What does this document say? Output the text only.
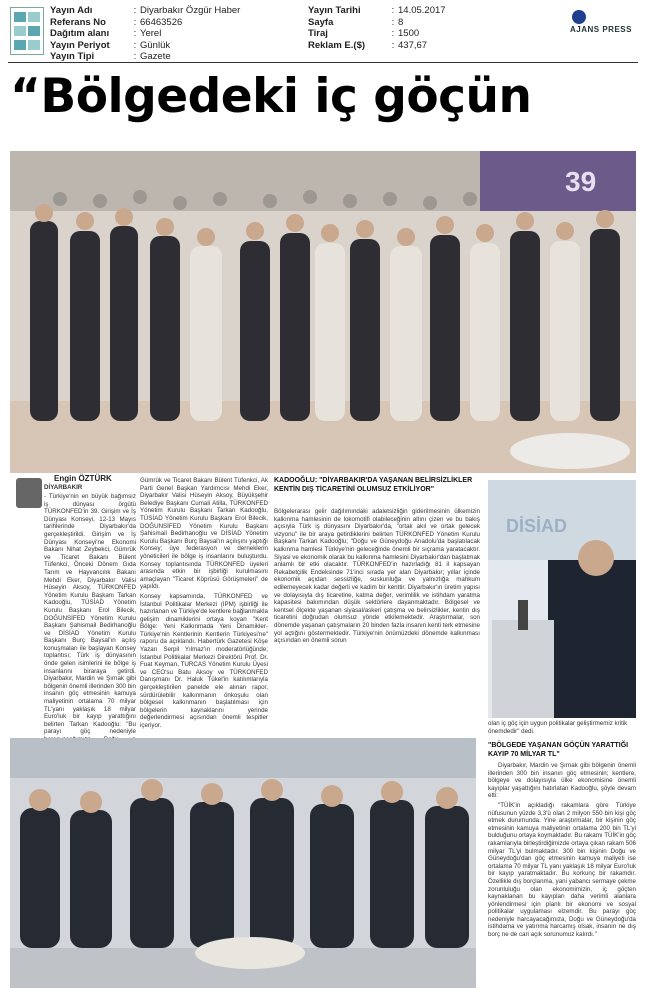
Yayın Adı	: Diyarbakır Özgür Haber
Referans No	: 66463526
Dağıtım alanı	: Yerel
Yayın Periyot	: Günlük
Yayın Tipi	: Gazete
Yayın Tarihi	: 14.05.2017
Sayfa	: 8
Tiraj	: 1500
Reklam E.($)	: 437,67
AJANS PRESS
“Bölgedeki iç göçün
39
Engin ÖZTÜRK
DİYARBAKIR

- Türkiye'nin en büyük bağımsız iş dünyası örgütü TÜRKONFED'in 39. Girişim ve İş Dünyası Konseyi, 12-13 Mayıs tarihlerinde Diyarbakır'da gerçekleştirildi. Girişim ve İş Dünyası Konseyi'ne Ekonomi Bakanı Nihat Zeybekci, Gümrük ve Ticaret Bakanı Bülent Tüfenkci, Önceki Dönem Gıda Tarım ve Hayvancılık Bakanı Mehdi Eker, Diyarbakır Valisi Hüseyin Aksoy, TÜRKONFED Yönetim Kurulu Başkanı Tarkan Kadooğlu, TÜSİAD Yönetim Kurulu Başkanı Erol Bilecik, DOĞUNSİFED Yönetim Kurulu Başkanı Şahismail Bedirhanoğlu ve DİSİAD Yönetim Kurulu Başkanı Burç Baysal'ın açılış konuşmaları ile başlayan Konsey toplantısı; Türk iş dünyasının önde gelen isimlerini ile bölge iş insanlarını biraraya getirdi. Diyarbakır, Mardin ve Şırnak gibi bölgenin önemli illerinden 300 bin insanın göç etmesinin kamuya maliyetinin ortalama 70 milyar TL'yanı yaklaşık 18 milyar Euro'luk bir kayıp yarattığını belirten Tarkan Kadooğlu: "Bu parayı göç nedeniyle

Gümrük ve Ticaret Bakanı Bülent Tüfenkci, Ak Parti Genel Başkan Yardımcısı Mehdi Eker, Diyarbakır Valisi Hüseyin Aksoy, Büyükşehir Belediye Başkanı Cumali Atilla, TÜRKONFED Yönetim Kurulu Başkanı Tarkan Kadooğlu, TÜSİAD Yönetim Kurulu Başkanı Erol Bilecik, DOĞUNSİFED Yönetim Kurulu Başkanı Şahismail Bedirhanoğlu ve DİSİAD Yönetim Kurulu Başkanı Burç Baysal'ın açılışını yaptığı Konsey; üye federasyon ve derneklerin yöneticileri ile bölge iş insanlarını buluşturdu. Konsey toplantısında TÜRKONFED üyeleri arasında etkin bir işbirliği kurulmasını amaçlayan "Ticaret Köprüsü Görüşmeleri" de yapıldı.

Konsey kapsamında, TÜRKONFED ve İstanbul Politikalar Merkezi (IPM) işbirliği ile hazırlanan ve Türkiye'de kentlere bağlanmakla gelişim dinamiklerini ortaya koyan "Kent Bölge: Yeni Kalkınmada Yeni Dinamikler-Türkiye'nin Kentlerinin Kentlerin Türkiyesi'ne" raporu da açıklandı. Habertürk Gazetesi Köşe Yazarı Serpil Yılmaz'ın moderatörlüğünde; İstanbul Politikalar Merkezi Direktörü Prof. Dr. Fuat Keyman, TURCAS Yönetim Kurulu Üyesi ve CEO'su Batu Aksoy ve TÜRKONFED Danışmanı Dr. Haluk Tükel'in katılımlarıyla gerçekleştirilen panelde ele alınan rapor, sürdürülebilir kalkınmanın önkoşulu olan bölgesel kalkınmanın başlatılması için bölgelerin kaynaklarını yerinde değerlendirmesi açısından önemli tespitler içeriyor.

KADOOĞLU: "DİYARBAKIR'DA YAŞANAN BELİRSİZLİKLER KENTİN DIŞ TİCARETİNİ OLUMSUZ ETKİLİYOR"

Bölgelerarası gelir dağılımındaki adaletsizliğin giderilmesinin ülkemizin kalkınma hamlesinin de lokomotifi olabileceğinin altını çizen ve bu bakış açısıyla Türk iş dünyasını Diyarbakır'da, "ortak akıl ve ortak gelecek vizyonu" ile bir araya getirdiklerini belirten TÜRKONFED Yönetim Kurulu Başkanı Tarkan Kadooğlu; "Doğu ve Güneydoğu Anadolu'da başlatılacak kalkınma hamlesi Türkiye'nin geleceğinde önemli bir sıçrama yaratacaktır. Siyasi ve ekonomik olarak bu kalkınma hamlesini Diyarbakır'dan başlatmak anlamlı bir etki olacaktır. TÜRKONFED'in hazırladığı 81 il kapsayan Rekabetçilik Endeksinde 71'inci sırada yer alan Diyarbakır; yıllar içinde ekonomik açıdan sessizliğe, suskunluğa ve yalnızlığa mahkum edilemeyecek kadar değerli ve kadim bir kenttir. Diyarbakır'ın üretim yapısı ve dolayısıyla dış ticaretine, katma değer, verimlilik ve istihdam yaratma kapasitesi bakımından düşük sektörlere dayanmaktadır. Bölgesel ve kentsel ölçekte yaşanan siyasal/askeri çatışma ve belirsizlikler, kentin dış ticaretini doğrudan olumsuz yönde etkilemektedir. Araştırmalar, son dönemde yaşanan çatışmaların 20 binden fazla insanın kenti terk etmesine yol açtığını göstermektedir. Türkiye'nin önümüzdeki dönemde kalkınması açısından en önemli sorun

DİSİAD
olan iç göç için uygun politikalar geliştirmemiz kritik önemdedir" dedi.
"BÖLGEDE YAŞANAN GÖÇÜN YARATTIĞI KAYIP 70 MİLYAR TL"

Diyarbakır, Mardin ve Şırnak gibi bölgenin önemli illerinden 300 bin insanın göç etmesinin; kentlere, bölgeye ve dolayısıyla ülke ekonomisine önemli kayıplar yaşattığını hatırlatan Kadooğlu, şöyle devam etti:

"TÜİK'in açıkladığı rakamlara göre Türkiye nüfusunun yüzde 3,3'ü olan 2 milyon 550 bin kişi göç etmek durumunda. Yine araştırmalar, bir kişinin göç etmesinin kamuya maliyetinin ortalama 200 bin TL'yi bulduğunu ortaya koymaktadır. Bu rakamı TÜİK'in göç rakamlarıyla birleştirdiğimizde ortaya çıkan rakam 506 milyar TL'yi bulmaktadır. 300 bin kişinin Doğu ve Güneydoğu'dan göç etmesinin kamuya maliyeti ise ortalama 70 milyar TL yanı yaklaşık 18 milyar Euro'luk bir kayıp yaratmaktadır. Bu korkunç bir rakamdır. Özellikle dış borçlanma, yani yabancı sermaye çekme zorunluluğu olan ekonomimizin, iç göçten kaynaklanan bu kayıpları daha verimli alanlara yönlendirmesi için planlı bir ekonomi ve sosyal politikalar uygulaması elzemdir. Bu parayı göç nedeniyle harcayacağımıza, Doğu ve Güneydoğu'da istihdama ve yatırıma harcamış olsak, insanın ne dış borç ne de cari açık sorunumuz kalırdı."
